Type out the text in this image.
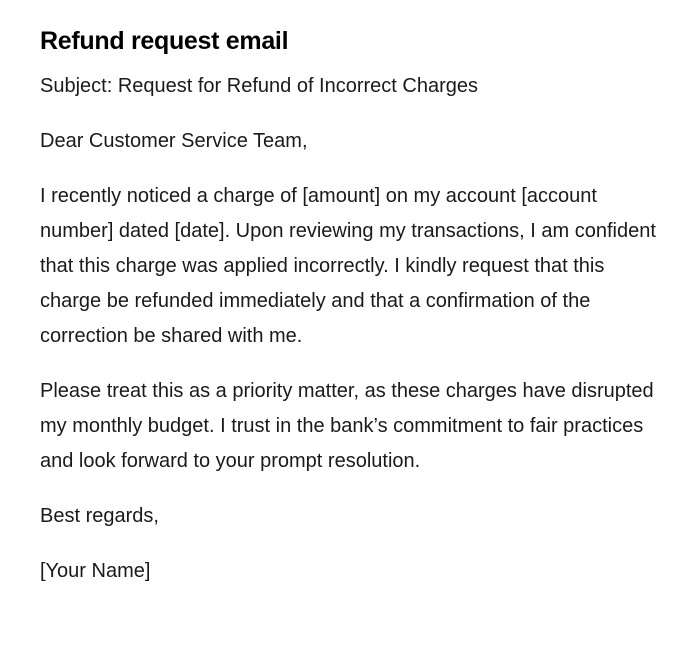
Refund request email

Subject: Request for Refund of Incorrect Charges

Dear Customer Service Team,

I recently noticed a charge of [amount] on my account [account number] dated [date]. Upon reviewing my transactions, I am confident that this charge was applied incorrectly. I kindly request that this charge be refunded immediately and that a confirmation of the correction be shared with me.

Please treat this as a priority matter, as these charges have disrupted my monthly budget. I trust in the bank’s commitment to fair practices and look forward to your prompt resolution.

Best regards,

[Your Name]
